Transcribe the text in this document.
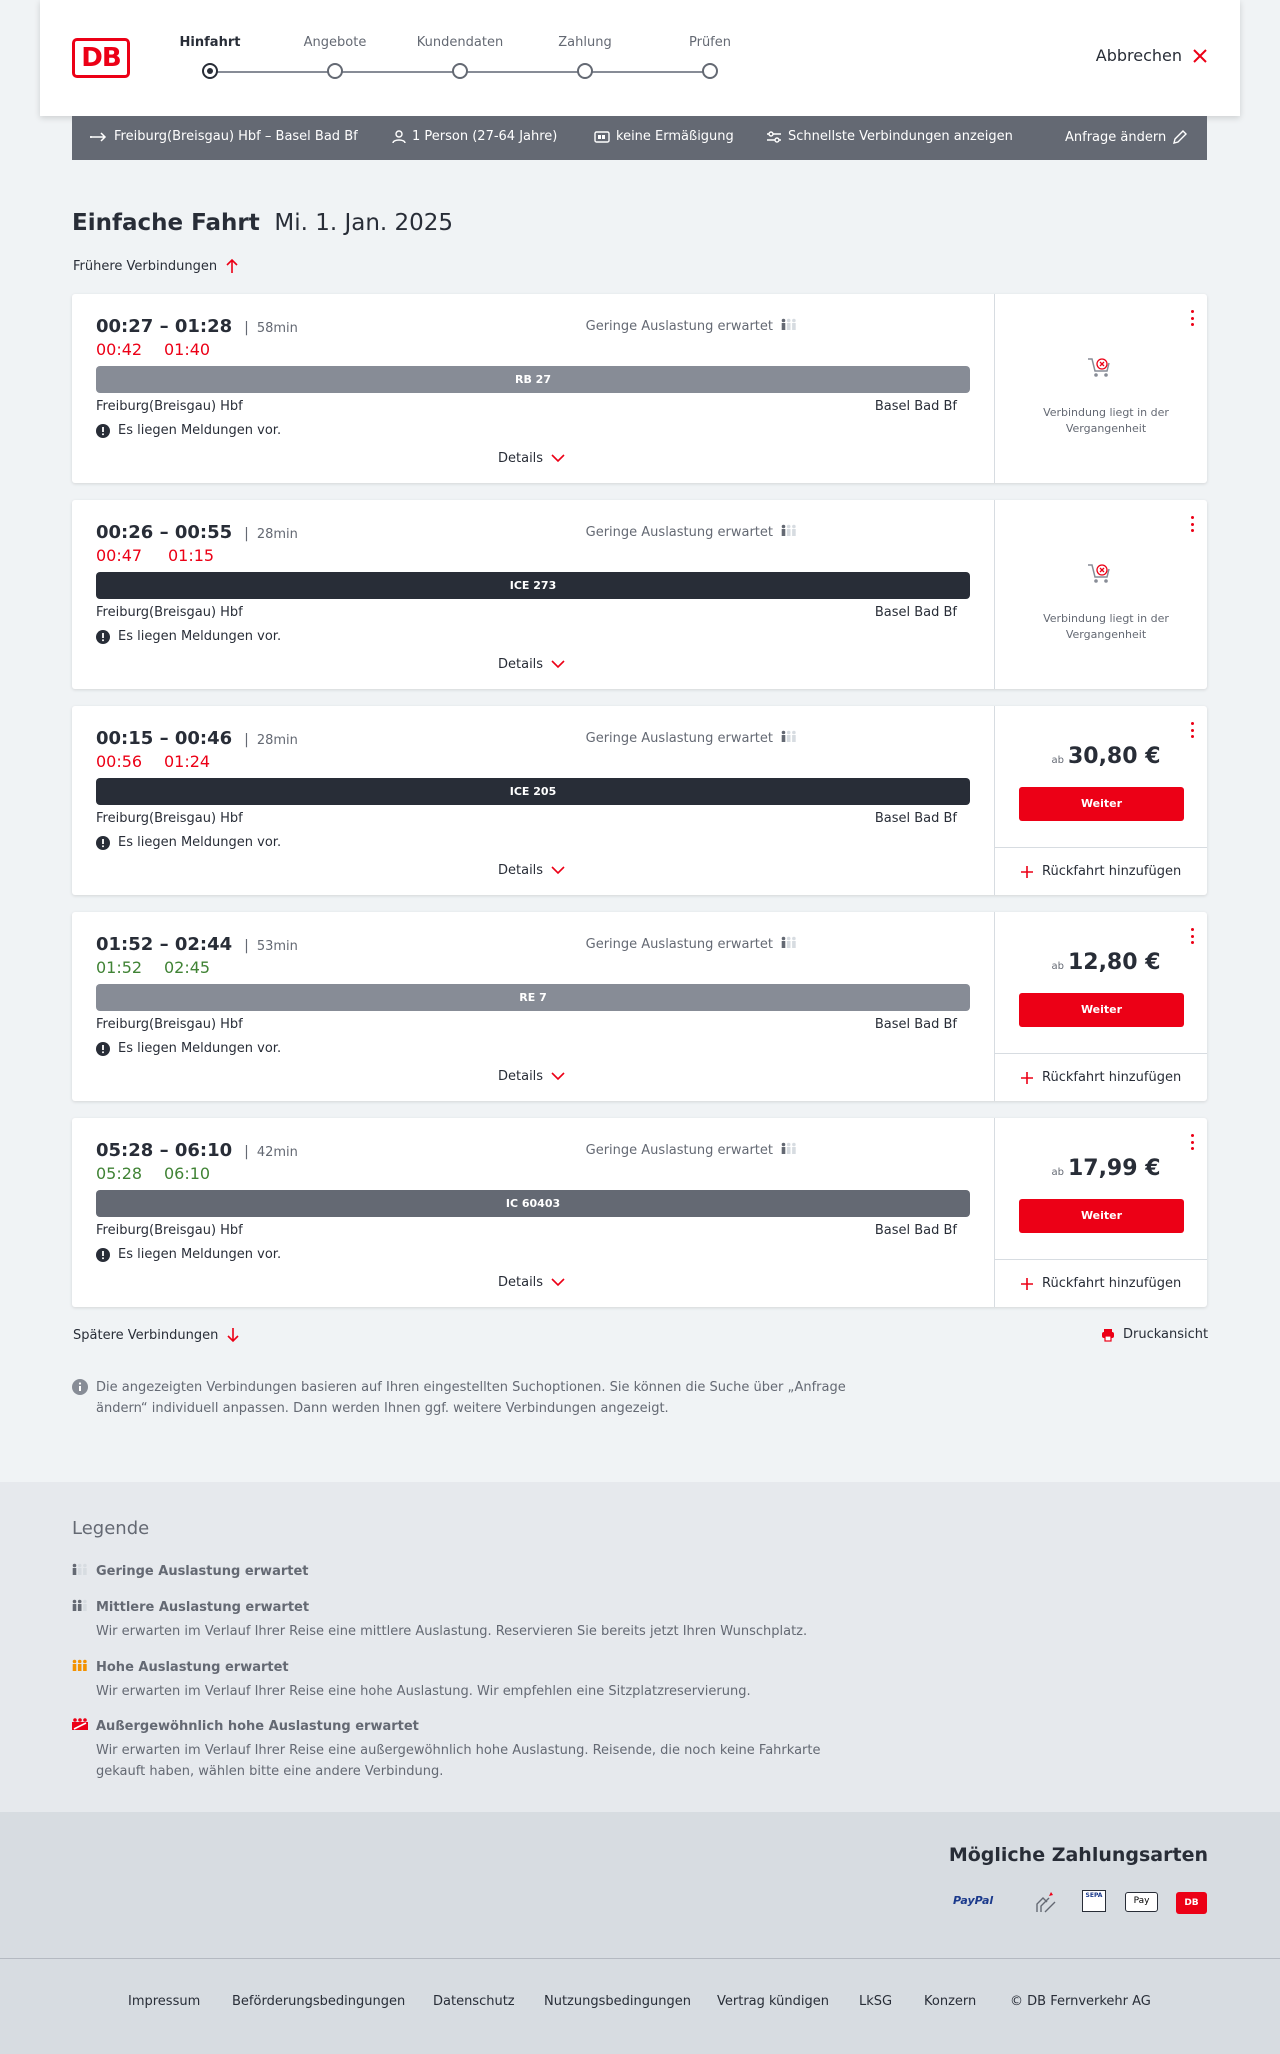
DB
Hinfahrt	Angebote	Kundendaten	Zahlung	Prüfen
Abbrechen
Freiburg(Breisgau) Hbf – Basel Bad Bf	1 Person (27-64 Jahre)	keine Ermäßigung	Schnellste Verbindungen anzeigen	Anfrage ändern
Einfache Fahrt Mi. 1. Jan. 2025
Frühere Verbindungen
00:27 – 01:28 | 58min
00:42 01:40
Geringe Auslastung erwartet
RB 27
Freiburg(Breisgau) Hbf	Basel Bad Bf
Es liegen Meldungen vor.
Details
Verbindung liegt in der Vergangenheit
00:26 – 00:55 | 28min
00:47 01:15
Geringe Auslastung erwartet
ICE 273
Freiburg(Breisgau) Hbf	Basel Bad Bf
Es liegen Meldungen vor.
Details
Verbindung liegt in der Vergangenheit
00:15 – 00:46 | 28min
00:56 01:24
Geringe Auslastung erwartet
ICE 205
Freiburg(Breisgau) Hbf	Basel Bad Bf
Es liegen Meldungen vor.
Details
ab 30,80 €
Weiter
Rückfahrt hinzufügen
01:52 – 02:44 | 53min
01:52 02:45
Geringe Auslastung erwartet
RE 7
Freiburg(Breisgau) Hbf	Basel Bad Bf
Es liegen Meldungen vor.
Details
ab 12,80 €
Weiter
Rückfahrt hinzufügen
05:28 – 06:10 | 42min
05:28 06:10
Geringe Auslastung erwartet
IC 60403
Freiburg(Breisgau) Hbf	Basel Bad Bf
Es liegen Meldungen vor.
Details
ab 17,99 €
Weiter
Rückfahrt hinzufügen
Spätere Verbindungen	Druckansicht
Die angezeigten Verbindungen basieren auf Ihren eingestellten Suchoptionen. Sie können die Suche über „Anfrage ändern“ individuell anpassen. Dann werden Ihnen ggf. weitere Verbindungen angezeigt.
Legende
Geringe Auslastung erwartet
Mittlere Auslastung erwartet
Wir erwarten im Verlauf Ihrer Reise eine mittlere Auslastung. Reservieren Sie bereits jetzt Ihren Wunschplatz.
Hohe Auslastung erwartet
Wir erwarten im Verlauf Ihrer Reise eine hohe Auslastung. Wir empfehlen eine Sitzplatzreservierung.
Außergewöhnlich hohe Auslastung erwartet
Wir erwarten im Verlauf Ihrer Reise eine außergewöhnlich hohe Auslastung. Reisende, die noch keine Fahrkarte gekauft haben, wählen bitte eine andere Verbindung.
Mögliche Zahlungsarten
PayPal	SEPA
Pay	DB
Impressum Beförderungsbedingungen Datenschutz Nutzungsbedingungen Vertrag kündigen LkSG Konzern	© DB Fernverkehr AG
